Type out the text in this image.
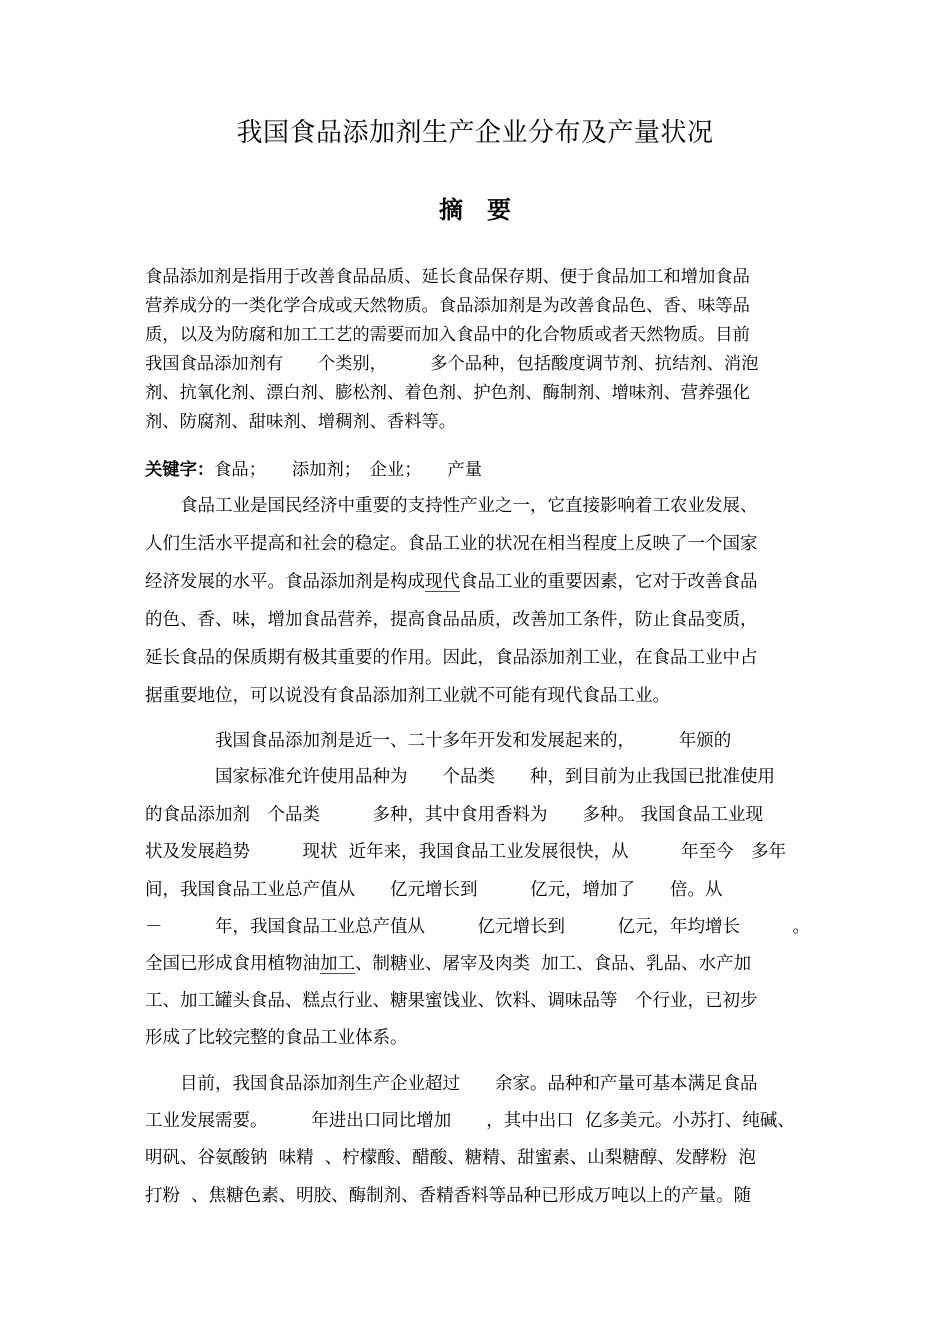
我国食品添加剂生产企业分布及产量状况
摘　要
食品添加剂是指用于改善食品品质、延长食品保存期、便于食品加工和增加食品
营养成分的一类化学合成或天然物质。食品添加剂是为改善食品色、香、味等品
质，以及为防腐和加工工艺的需要而加入食品中的化合物质或者天然物质。目前
我国食品添加剂有　　个类别，　　　多个品种，包括酸度调节剂、抗结剂、消泡
剂、抗氧化剂、漂白剂、膨松剂、着色剂、护色剂、酶制剂、增味剂、营养强化
剂、防腐剂、甜味剂、增稠剂、香料等。
关键字：食品；　　添加剂；　企业；　　产量
　　食品工业是国民经济中重要的支持性产业之一，它直接影响着工农业发展、
人们生活水平提高和社会的稳定。食品工业的状况在相当程度上反映了一个国家
经济发展的水平。食品添加剂是构成现代食品工业的重要因素，它对于改善食品
的色、香、味，增加食品营养，提高食品品质，改善加工条件，防止食品变质，
延长食品的保质期有极其重要的作用。因此，食品添加剂工业，在食品工业中占
据重要地位，可以说没有食品添加剂工业就不可能有现代食品工业。
　　　　我国食品添加剂是近一、二十多年开发和发展起来的，　　　年颁的
　　　　国家标准允许使用品种为　　个品类　　种，到目前为止我国已批准使用
的食品添加剂　个品类　　　多种，其中食用香料为　　多种。 我国食品工业现
状及发展趋势　　　现状  近年来，我国食品工业发展很快，从　　　年至今　多年
间，我国食品工业总产值从　　亿元增长到　　　亿元，增加了　　倍。从
－　　　年，我国食品工业总产值从　　　亿元增长到　　　亿元，年均增长　　　。
全国已形成食用植物油加工、制糖业、屠宰及肉类  加工、食品、乳品、水产加
工、加工罐头食品、糕点行业、糖果蜜饯业、饮料、调味品等　个行业，已初步
形成了比较完整的食品工业体系。
　　目前，我国食品添加剂生产企业超过　　余家。品种和产量可基本满足食品
工业发展需要。　　　年进出口同比增加　　，其中出口  亿多美元。小苏打、纯碱、
明矾、谷氨酸钠  味精  、柠檬酸、醋酸、糖精、甜蜜素、山梨糖醇、发酵粉  泡
打粉  、焦糖色素、明胶、酶制剂、香精香料等品种已形成万吨以上的产量。随
